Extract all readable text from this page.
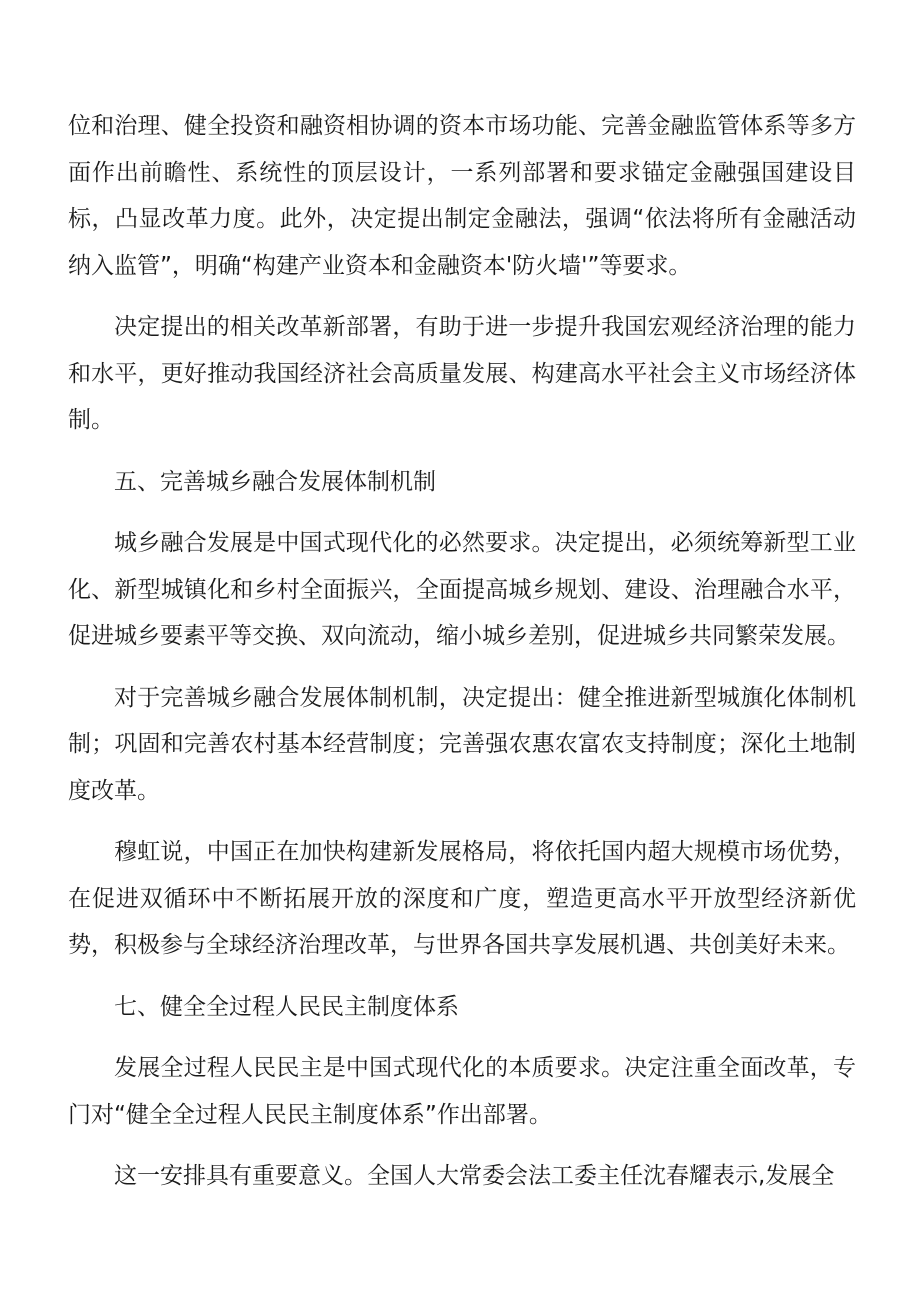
位和治理、健全投资和融资相协调的资本市场功能、完善金融监管体系等多方面作出前瞻性、系统性的顶层设计，一系列部署和要求锚定金融强国建设目标，凸显改革力度。此外，决定提出制定金融法，强调“依法将所有金融活动纳入监管”，明确“构建产业资本和金融资本'防火墙'”等要求。

决定提出的相关改革新部署，有助于进一步提升我国宏观经济治理的能力和水平，更好推动我国经济社会高质量发展、构建高水平社会主义市场经济体制。

五、完善城乡融合发展体制机制

城乡融合发展是中国式现代化的必然要求。决定提出，必须统筹新型工业化、新型城镇化和乡村全面振兴，全面提高城乡规划、建设、治理融合水平，促进城乡要素平等交换、双向流动，缩小城乡差别，促进城乡共同繁荣发展。

对于完善城乡融合发展体制机制，决定提出：健全推进新型城旗化体制机制；巩固和完善农村基本经营制度；完善强农惠农富农支持制度；深化土地制度改革。

穆虹说，中国正在加快构建新发展格局，将依托国内超大规模市场优势，在促进双循环中不断拓展开放的深度和广度，塑造更高水平开放型经济新优势，积极参与全球经济治理改革，与世界各国共享发展机遇、共创美好未来。

七、健全全过程人民民主制度体系

发展全过程人民民主是中国式现代化的本质要求。决定注重全面改革，专门对“健全全过程人民民主制度体系”作出部署。

这一安排具有重要意义。全国人大常委会法工委主任沈春耀表示,发展全
